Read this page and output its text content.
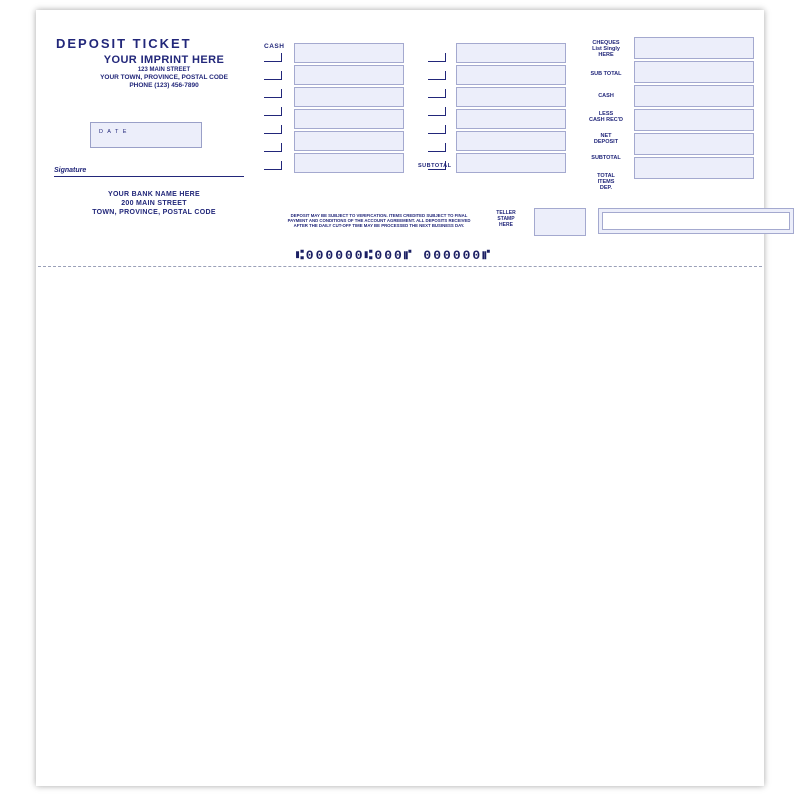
DEPOSIT TICKET
YOUR IMPRINT HERE
123 MAIN STREET
YOUR TOWN, PROVINCE, POSTAL CODE
PHONE (123) 456-7890
D A T E
Signature
YOUR BANK NAME HERE
200 MAIN STREET
TOWN, PROVINCE, POSTAL CODE
CASH
SUBTOTAL
CHEQUES
List Singly
HERE
SUB TOTAL
CASH
LESS
CASH REC'D
NET
DEPOSIT
SUBTOTAL
TOTAL
ITEMS
DEP.
DEPOSIT MAY BE SUBJECT TO VERIFICATION. ITEMS CREDITED SUBJECT TO FINAL PAYMENT AND CONDITIONS OF THE ACCOUNT AGREEMENT. ALL DEPOSITS RECEIVED AFTER THE DAILY CUT-OFF TIME MAY BE PROCESSED THE NEXT BUSINESS DAY.
TELLER
STAMP
HERE
⑆000000⑆000⑈ 000000⑈
